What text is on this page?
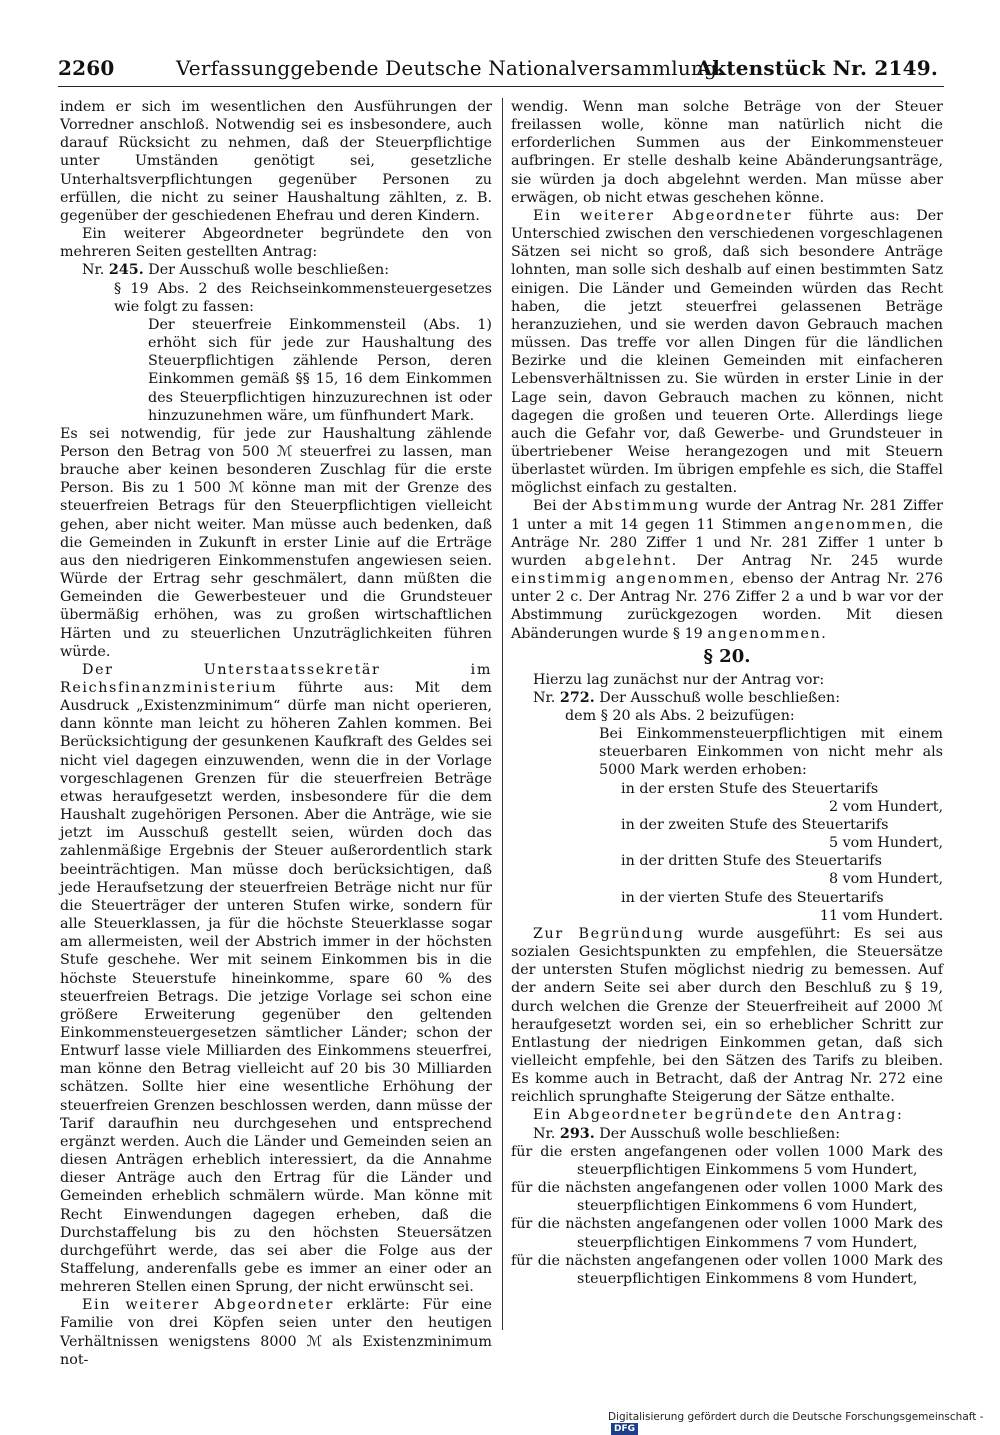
2260	Verfassunggebende Deutsche Nationalversammlung.
Aktenstück Nr. 2149.

indem er sich im wesentlichen den Ausführungen der Vorredner anschloß. Notwendig sei es insbesondere, auch darauf Rücksicht zu nehmen, daß der Steuerpflichtige unter Umständen genötigt sei, gesetzliche Unterhaltsverpflichtungen gegenüber Personen zu erfüllen, die nicht zu seiner Haushaltung zählten, z. B. gegenüber der geschiedenen Ehefrau und deren Kindern.

Ein weiterer Abgeordneter begründete den von mehreren Seiten gestellten Antrag:

Nr. 245. Der Ausschuß wolle beschließen:

§ 19 Abs. 2 des Reichseinkommensteuergesetzes wie folgt zu fassen:

Der steuerfreie Einkommensteil (Abs. 1) erhöht sich für jede zur Haushaltung des Steuerpflichtigen zählende Person, deren Einkommen gemäß §§ 15, 16 dem Einkommen des Steuerpflichtigen hinzuzurechnen ist oder hinzuzunehmen wäre, um fünfhundert Mark.

Es sei notwendig, für jede zur Haushaltung zählende Person den Betrag von 500 ℳ steuerfrei zu lassen, man brauche aber keinen besonderen Zuschlag für die erste Person. Bis zu 1 500 ℳ könne man mit der Grenze des steuerfreien Betrags für den Steuerpflichtigen vielleicht gehen, aber nicht weiter. Man müsse auch bedenken, daß die Gemeinden in Zukunft in erster Linie auf die Erträge aus den niedrigeren Einkommenstufen angewiesen seien. Würde der Ertrag sehr geschmälert, dann müßten die Gemeinden die Gewerbesteuer und die Grundsteuer übermäßig erhöhen, was zu großen wirtschaftlichen Härten und zu steuerlichen Unzuträglichkeiten führen würde.

Der Unterstaatssekretär im Reichsfinanzministerium führte aus: Mit dem Ausdruck „Existenzminimum“ dürfe man nicht operieren, dann könnte man leicht zu höheren Zahlen kommen. Bei Berücksichtigung der gesunkenen Kaufkraft des Geldes sei nicht viel dagegen einzuwenden, wenn die in der Vorlage vorgeschlagenen Grenzen für die steuerfreien Beträge etwas heraufgesetzt werden, insbesondere für die dem Haushalt zugehörigen Personen. Aber die Anträge, wie sie jetzt im Ausschuß gestellt seien, würden doch das zahlenmäßige Ergebnis der Steuer außerordentlich stark beeinträchtigen. Man müsse doch berücksichtigen, daß jede Heraufsetzung der steuerfreien Beträge nicht nur für die Steuerträger der unteren Stufen wirke, sondern für alle Steuerklassen, ja für die höchste Steuerklasse sogar am allermeisten, weil der Abstrich immer in der höchsten Stufe geschehe. Wer mit seinem Einkommen bis in die höchste Steuerstufe hineinkomme, spare 60 % des steuerfreien Betrags. Die jetzige Vorlage sei schon eine größere Erweiterung gegenüber den geltenden Einkommensteuergesetzen sämtlicher Länder; schon der Entwurf lasse viele Milliarden des Einkommens steuerfrei, man könne den Betrag vielleicht auf 20 bis 30 Milliarden schätzen. Sollte hier eine wesentliche Erhöhung der steuerfreien Grenzen beschlossen werden, dann müsse der Tarif daraufhin neu durchgesehen und entsprechend ergänzt werden. Auch die Länder und Gemeinden seien an diesen Anträgen erheblich interessiert, da die Annahme dieser Anträge auch den Ertrag für die Länder und Gemeinden erheblich schmälern würde. Man könne mit Recht Einwendungen dagegen erheben, daß die Durchstaffelung bis zu den höchsten Steuersätzen durchgeführt werde, das sei aber die Folge aus der Staffelung, anderenfalls gebe es immer an einer oder an mehreren Stellen einen Sprung, der nicht erwünscht sei.

Ein weiterer Abgeordneter erklärte: Für eine Familie von drei Köpfen seien unter den heutigen Verhältnissen wenigstens 8000 ℳ als Existenzminimum not-

wendig. Wenn man solche Beträge von der Steuer freilassen wolle, könne man natürlich nicht die erforderlichen Summen aus der Einkommensteuer aufbringen. Er stelle deshalb keine Abänderungsanträge, sie würden ja doch abgelehnt werden. Man müsse aber erwägen, ob nicht etwas geschehen könne.

Ein weiterer Abgeordneter führte aus: Der Unterschied zwischen den verschiedenen vorgeschlagenen Sätzen sei nicht so groß, daß sich besondere Anträge lohnten, man solle sich deshalb auf einen bestimmten Satz einigen. Die Länder und Gemeinden würden das Recht haben, die jetzt steuerfrei gelassenen Beträge heranzuziehen, und sie werden davon Gebrauch machen müssen. Das treffe vor allen Dingen für die ländlichen Bezirke und die kleinen Gemeinden mit einfacheren Lebensverhältnissen zu. Sie würden in erster Linie in der Lage sein, davon Gebrauch machen zu können, nicht dagegen die großen und teueren Orte. Allerdings liege auch die Gefahr vor, daß Gewerbe- und Grundsteuer in übertriebener Weise herangezogen und mit Steuern überlastet würden. Im übrigen empfehle es sich, die Staffel möglichst einfach zu gestalten.

Bei der Abstimmung wurde der Antrag Nr. 281 Ziffer 1 unter a mit 14 gegen 11 Stimmen angenommen, die Anträge Nr. 280 Ziffer 1 und Nr. 281 Ziffer 1 unter b wurden abgelehnt. Der Antrag Nr. 245 wurde einstimmig angenommen, ebenso der Antrag Nr. 276 unter 2 c. Der Antrag Nr. 276 Ziffer 2 a und b war vor der Abstimmung zurückgezogen worden. Mit diesen Abänderungen wurde § 19 angenommen.

§ 20.

Hierzu lag zunächst nur der Antrag vor:

Nr. 272. Der Ausschuß wolle beschließen:

dem § 20 als Abs. 2 beizufügen:

Bei Einkommensteuerpflichtigen mit einem steuerbaren Einkommen von nicht mehr als 5000 Mark werden erhoben:

in der ersten Stufe des Steuertarifs

2 vom Hundert,

in der zweiten Stufe des Steuertarifs

5 vom Hundert,

in der dritten Stufe des Steuertarifs

8 vom Hundert,

in der vierten Stufe des Steuertarifs

11 vom Hundert.

Zur Begründung wurde ausgeführt: Es sei aus sozialen Gesichtspunkten zu empfehlen, die Steuersätze der untersten Stufen möglichst niedrig zu bemessen. Auf der andern Seite sei aber durch den Beschluß zu § 19, durch welchen die Grenze der Steuerfreiheit auf 2000 ℳ heraufgesetzt worden sei, ein so erheblicher Schritt zur Entlastung der niedrigen Einkommen getan, daß sich vielleicht empfehle, bei den Sätzen des Tarifs zu bleiben. Es komme auch in Betracht, daß der Antrag Nr. 272 eine reichlich sprunghafte Steigerung der Sätze enthalte.

Ein Abgeordneter begründete den Antrag:

Nr. 293. Der Ausschuß wolle beschließen:

für die ersten angefangenen oder vollen 1000 Mark des steuerpflichtigen Einkommens 5 vom Hundert,

für die nächsten angefangenen oder vollen 1000 Mark des steuerpflichtigen Einkommens 6 vom Hundert,

für die nächsten angefangenen oder vollen 1000 Mark des steuerpflichtigen Einkommens 7 vom Hundert,

für die nächsten angefangenen oder vollen 1000 Mark des steuerpflichtigen Einkommens 8 vom Hundert,

Digitalisierung gefördert durch die Deutsche Forschungsgemeinschaft -DFG
